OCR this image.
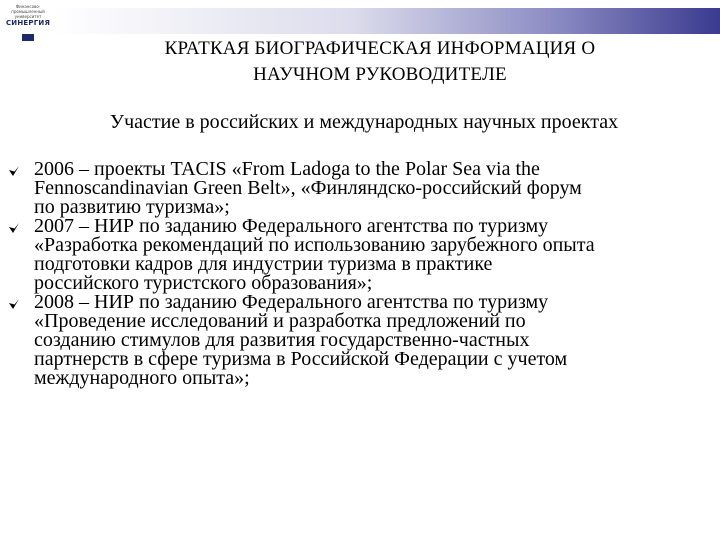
Финансово-промышленный
университет
СИНЕРГИЯ
КРАТКАЯ БИОГРАФИЧЕСКАЯ ИНФОРМАЦИЯ О
НАУЧНОМ РУКОВОДИТЕЛЕ
Участие в российских и международных научных проектах
2006 – проекты TACIS «From Ladoga to the Polar Sea via the
Fennoscandinavian Green Belt», «Финляндско-российский форум
по развитию туризма»;
2007 – НИР по заданию Федерального агентства по туризму
«Разработка рекомендаций по использованию зарубежного опыта
подготовки кадров для индустрии туризма в практике
российского туристского образования»;
2008 – НИР по заданию Федерального агентства по туризму
«Проведение исследований и разработка предложений по
созданию стимулов для развития государственно-частных
партнерств в сфере туризма в Российской Федерации с учетом
международного опыта»;
